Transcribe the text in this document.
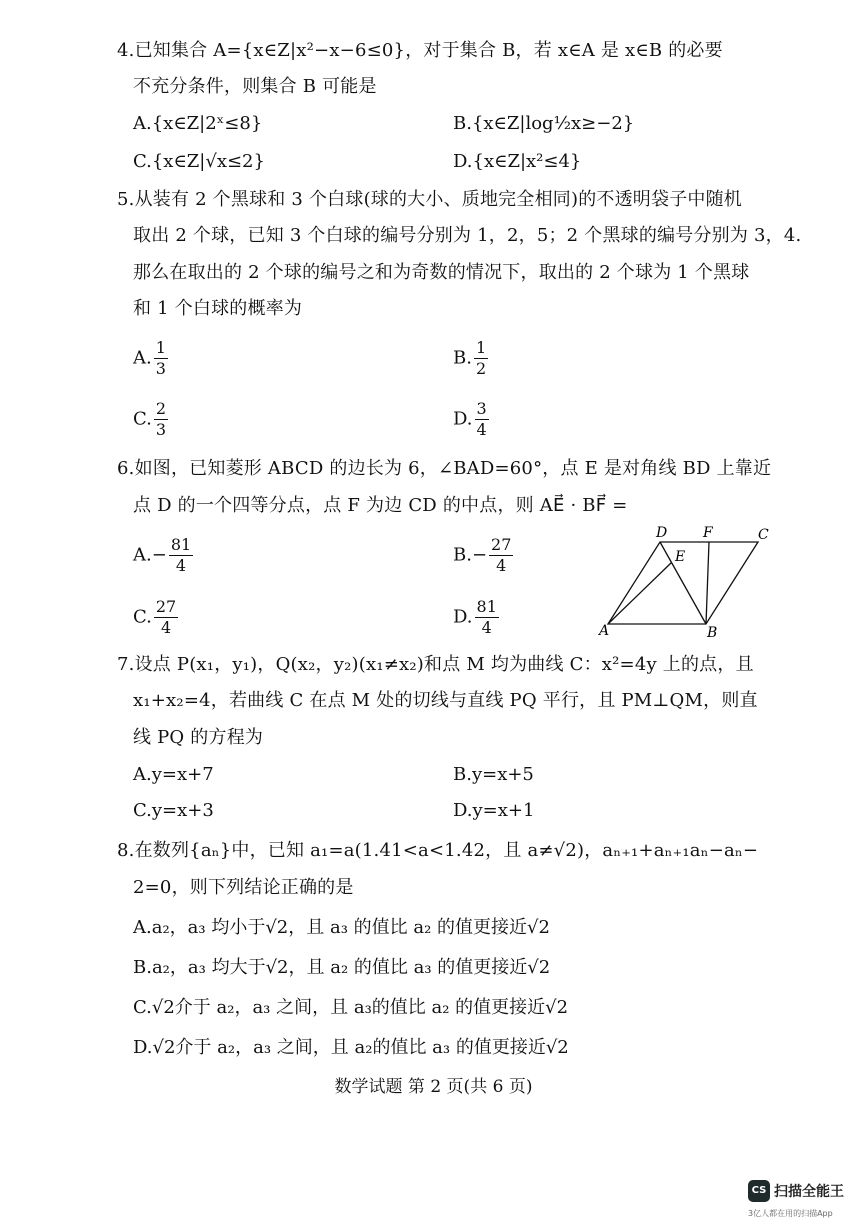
4.已知集合 A={x∈Z|x²−x−6≤0}，对于集合 B，若 x∈A 是 x∈B 的必要
不充分条件，则集合 B 可能是
A.{x∈Z|2ˣ≤8}	B.{x∈Z|log½x≥−2}
C.{x∈Z|√x≤2}	D.{x∈Z|x²≤4}
5.从装有 2 个黑球和 3 个白球(球的大小、质地完全相同)的不透明袋子中随机
取出 2 个球，已知 3 个白球的编号分别为 1，2，5；2 个黑球的编号分别为 3，4.
那么在取出的 2 个球的编号之和为奇数的情况下，取出的 2 个球为 1 个黑球
和 1 个白球的概率为
A. $\frac{1}{3}$	B. $\frac{1}{2}$
C. $\frac{2}{3}$	D. $\frac{3}{4}$
6.如图，已知菱形 ABCD 的边长为 6，∠BAD=60°，点 E 是对角线 BD 上靠近
点 D 的一个四等分点，点 F 为边 CD 的中点，则 AE⃗ · BF⃗ =
$A.- \frac{81}{4}$	$B.- \frac{27}{4}$
C. $\frac{27}{4}$	D. $\frac{81}{4}$
D	F	C
E
A	B
7.设点 P(x₁，y₁)，Q(x₂，y₂)(x₁≠x₂)和点 M 均为曲线 C：x²=4y 上的点，且
x₁+x₂=4，若曲线 C 在点 M 处的切线与直线 PQ 平行，且 PM⊥QM，则直
线 PQ 的方程为
A.y=x+7	B.y=x+5
C.y=x+3	D.y=x+1
8.在数列{aₙ}中，已知 a₁=a(1.41<a<1.42，且 a≠√2)，aₙ₊₁+aₙ₊₁aₙ−aₙ−
2=0，则下列结论正确的是
A.a₂，a₃ 均小于√2，且 a₃ 的值比 a₂ 的值更接近√2
B.a₂，a₃ 均大于√2，且 a₂ 的值比 a₃ 的值更接近√2
C.√2介于 a₂，a₃ 之间，且 a₃的值比 a₂ 的值更接近√2
D.√2介于 a₂，a₃ 之间，且 a₂的值比 a₃ 的值更接近√2
数学试题 第 2 页(共 6 页)
CS 扫描全能王
3亿人都在用的扫描App
